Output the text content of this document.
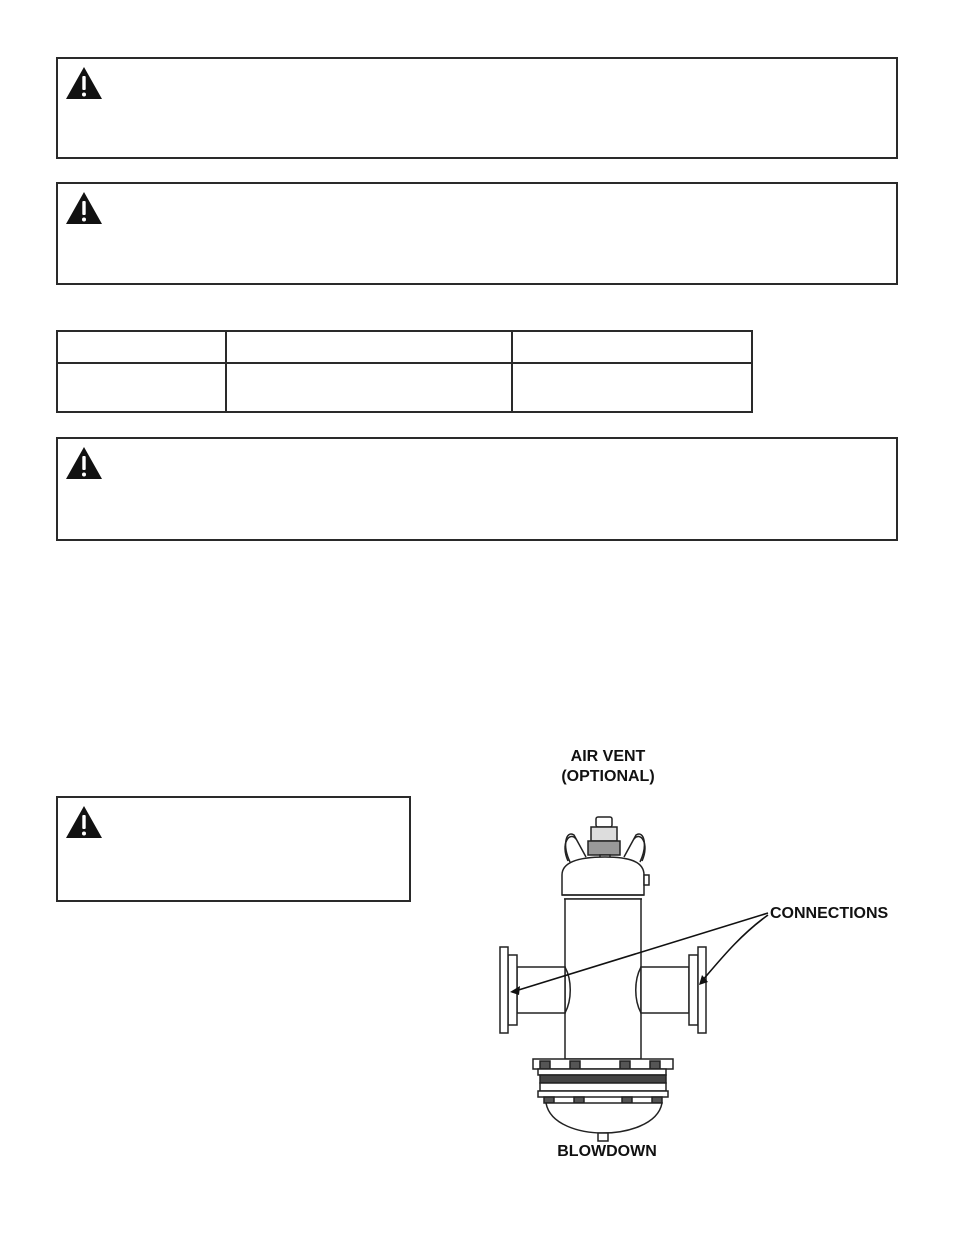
AIR VENT
(OPTIONAL)
CONNECTIONS
BLOWDOWN
